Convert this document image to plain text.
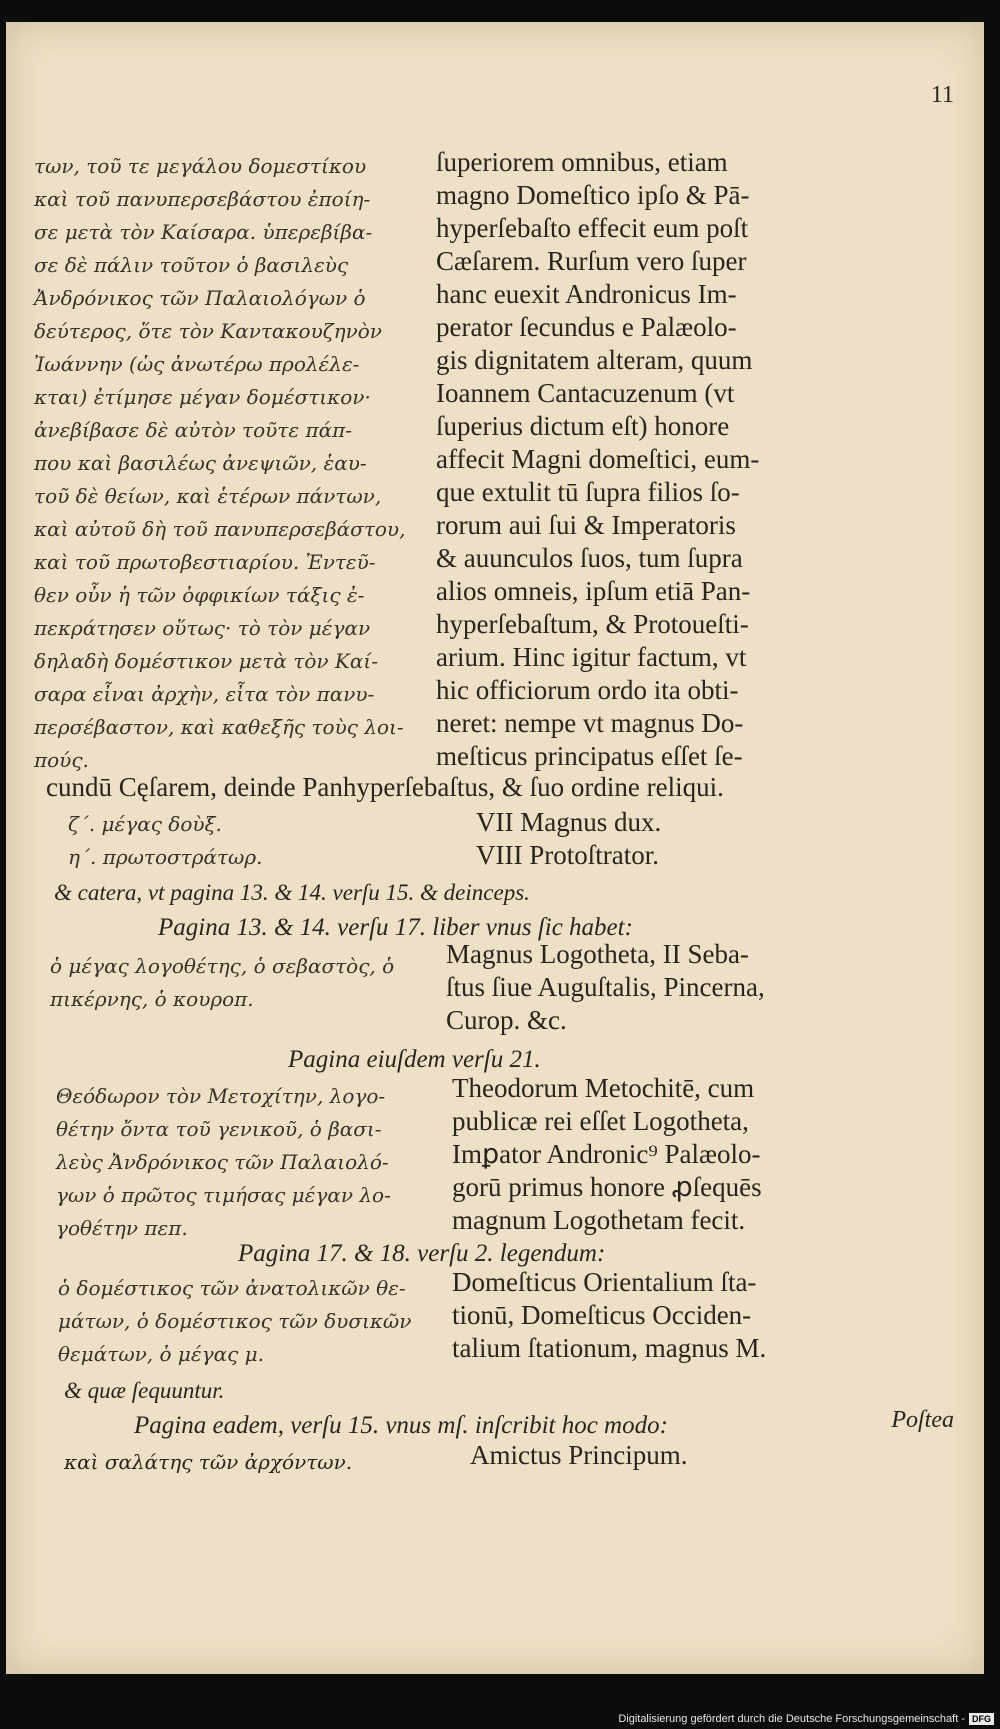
11
των, τοῦ τε μεγάλου δομεστίκου
καὶ τοῦ πανυπερσεβάστου ἐποίη-
σε μετὰ τὸν Καίσαρα. ὑπερεβίβα-
σε δὲ πάλιν τοῦτον ὁ βασιλεὺς
Ἀνδρόνικος τῶν Παλαιολόγων ὁ
δεύτερος, ὅτε τὸν Καντακουζηνὸν
Ἰωάννην (ὡς ἀνωτέρω προλέλε-
κται) ἐτίμησε μέγαν δομέστικον·
ἀνεβίβασε δὲ αὐτὸν τοῦτε πάπ-
που καὶ βασιλέως ἀνεψιῶν, ἑαυ-
τοῦ δὲ θείων, καὶ ἑτέρων πάντων,
καὶ αὐτοῦ δὴ τοῦ πανυπερσεβάστου,
καὶ τοῦ πρωτοβεστιαρίου. Ἐντεῦ-
θεν οὖν ἡ τῶν ὀφφικίων τάξις ἐ-
πεκράτησεν οὕτως· τὸ τὸν μέγαν
δηλαδὴ δομέστικον μετὰ τὸν Καί-
σαρα εἶναι ἀρχὴν, εἶτα τὸν πανυ-
περσέβαστον, καὶ καθεξῆς τοὺς λοι-
πούς.
ſuperiorem omnibus, etiam
magno Domeſtico ipſo & Pā-
hyperſebaſto effecit eum poſt
Cæſarem. Rurſum vero ſuper
hanc euexit Andronicus Im-
perator ſecundus e Palæolo-
gis dignitatem alteram, quum
Ioannem Cantacuzenum (vt
ſuperius dictum eſt) honore
affecit Magni domeſtici, eum-
que extulit tū ſupra filios ſo-
rorum aui ſui & Imperatoris
& auunculos ſuos, tum ſupra
alios omneis, ipſum etiā Pan-
hyperſebaſtum, & Protoueſti-
arium. Hinc igitur factum, vt
hic officiorum ordo ita obti-
neret: nempe vt magnus Do-
meſticus principatus eſſet ſe-
cundū Cęſarem, deinde Panhyperſebaſtus, & ſuo ordine reliqui.
ζ΄. μέγας δοὺξ.
η΄. πρωτοστράτωρ.
VII Magnus dux.
VIII Protoſtrator.
& catera, vt pagina 13. & 14. verſu 15. & deinceps.
Pagina 13. & 14. verſu 17. liber vnus ſic habet:
ὁ μέγας λογοθέτης, ὁ σεβαστὸς, ὁ
πικέρνης, ὁ κουροπ.
Magnus Logotheta, II Seba-
ſtus ſiue Auguſtalis, Pincerna,
Curop. &c.
Pagina eiuſdem verſu 21.
Θεόδωρον τὸν Μετοχίτην, λογο-
θέτην ὄντα τοῦ γενικοῦ, ὁ βασι-
λεὺς Ἀνδρόνικος τῶν Παλαιολό-
γων ὁ πρῶτος τιμήσας μέγαν λο-
γοθέτην πεπ.
Theodorum Metochitē, cum
publicæ rei eſſet Logotheta,
Imꝑator Andronic⁹ Palæolo-
gorū primus honore ꝓſequēs
magnum Logothetam fecit.
Pagina 17. & 18. verſu 2. legendum:
ὁ δομέστικος τῶν ἀνατολικῶν θε-
μάτων, ὁ δομέστικος τῶν δυσικῶν
θεμάτων, ὁ μέγας μ.
Domeſticus Orientalium ſta-
tionū, Domeſticus Occiden-
talium ſtationum, magnus M.
& quæ ſequuntur.
Pagina eadem, verſu 15. vnus mſ. inſcribit hoc modo:
καὶ σαλάτης τῶν ἀρχόντων.	Amictus Principum.
Poſtea
Digitalisierung gefördert durch die Deutsche Forschungsgemeinschaft - DFG
